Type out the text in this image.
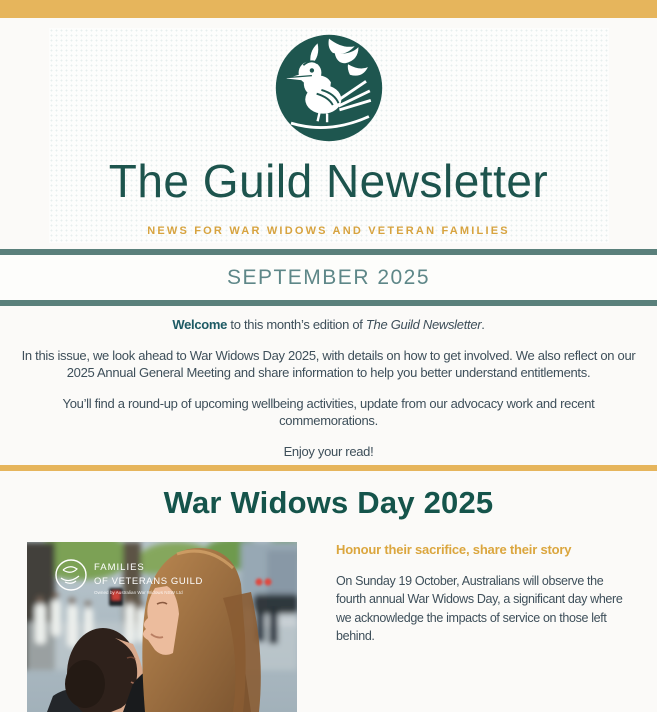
The Guild Newsletter
NEWS FOR WAR WIDOWS AND VETERAN FAMILIES
SEPTEMBER 2025

Welcome to this month’s edition of The Guild Newsletter.

In this issue, we look ahead to War Widows Day 2025, with details on how to get involved. We also reflect on our 2025 Annual General Meeting and share information to help you better understand entitlements.

You’ll find a round-up of upcoming wellbeing activities, update from our advocacy work and recent commemorations.

Enjoy your read!

War Widows Day 2025
FAMILIES
OF VETERANS GUILD
Owned by Australian War Widows NSW Ltd

Honour their sacrifice, share their story

On Sunday 19 October, Australians will observe the fourth annual War Widows Day, a significant day where we acknowledge the impacts of service on those left behind.
